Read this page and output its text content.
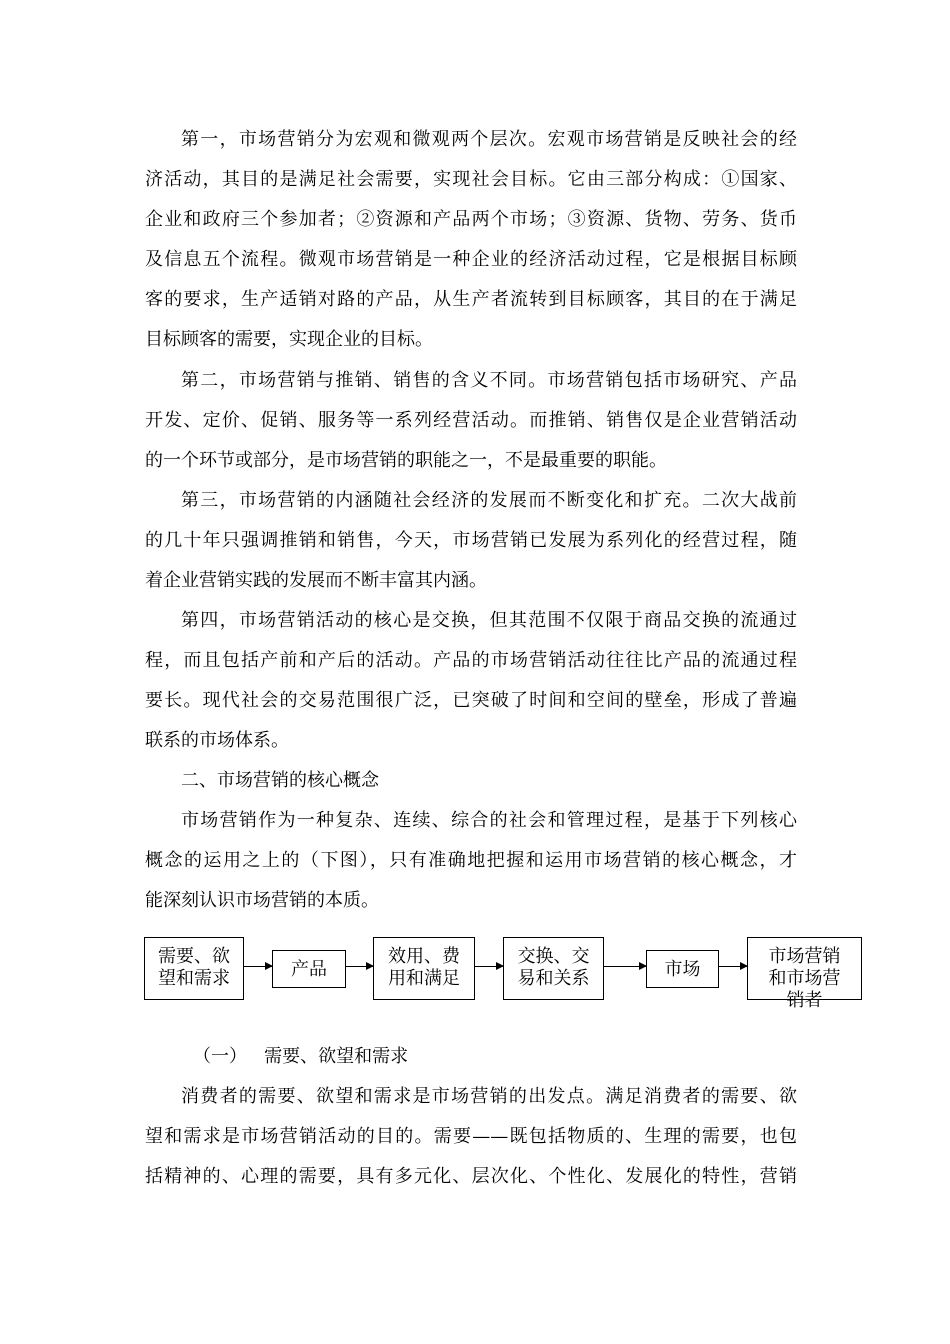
第一，市场营销分为宏观和微观两个层次。宏观市场营销是反映社会的经
济活动，其目的是满足社会需要，实现社会目标。它由三部分构成：①国家、
企业和政府三个参加者；②资源和产品两个市场；③资源、货物、劳务、货币
及信息五个流程。微观市场营销是一种企业的经济活动过程，它是根据目标顾
客的要求，生产适销对路的产品，从生产者流转到目标顾客，其目的在于满足
目标顾客的需要，实现企业的目标。
第二，市场营销与推销、销售的含义不同。市场营销包括市场研究、产品
开发、定价、促销、服务等一系列经营活动。而推销、销售仅是企业营销活动
的一个环节或部分，是市场营销的职能之一，不是最重要的职能。
第三，市场营销的内涵随社会经济的发展而不断变化和扩充。二次大战前
的几十年只强调推销和销售，今天，市场营销已发展为系列化的经营过程，随
着企业营销实践的发展而不断丰富其内涵。
第四，市场营销活动的核心是交换，但其范围不仅限于商品交换的流通过
程，而且包括产前和产后的活动。产品的市场营销活动往往比产品的流通过程
要长。现代社会的交易范围很广泛，已突破了时间和空间的壁垒，形成了普遍
联系的市场体系。
二、市场营销的核心概念
市场营销作为一种复杂、连续、综合的社会和管理过程，是基于下列核心
概念的运用之上的（下图），只有准确地把握和运用市场营销的核心概念，才
能深刻认识市场营销的本质。
需要、欲
望和需求	产品
效用、费
用和满足
交换、交
易和关系	市场
市场营销
和市场营
销者
（一）   需要、欲望和需求
消费者的需要、欲望和需求是市场营销的出发点。满足消费者的需要、欲
望和需求是市场营销活动的目的。需要——既包括物质的、生理的需要，也包
括精神的、心理的需要，具有多元化、层次化、个性化、发展化的特性，营销
